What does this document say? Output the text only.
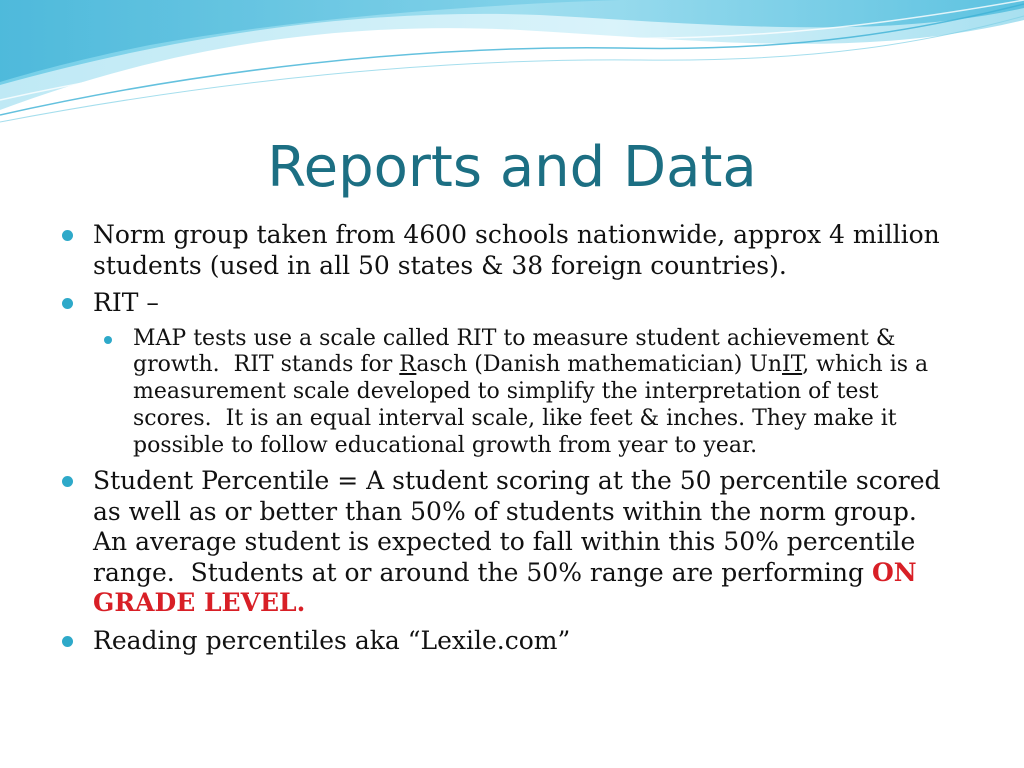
Reports and Data
Norm group taken from 4600 schools nationwide, approx 4 million students (used in all 50 states & 38 foreign countries).
RIT –
MAP tests use a scale called RIT to measure student achievement & growth.  RIT stands for Rasch (Danish mathematician) UnIT, which is a measurement scale developed to simplify the interpretation of test scores.  It is an equal interval scale, like feet & inches. They make it possible to follow educational growth from year to year.
Student Percentile = A student scoring at the 50 percentile scored as well as or better than 50% of students within the norm group.  An average student is expected to fall within this 50% percentile range.  Students at or around the 50% range are performing ON GRADE LEVEL.
Reading percentiles aka “Lexile.com”
